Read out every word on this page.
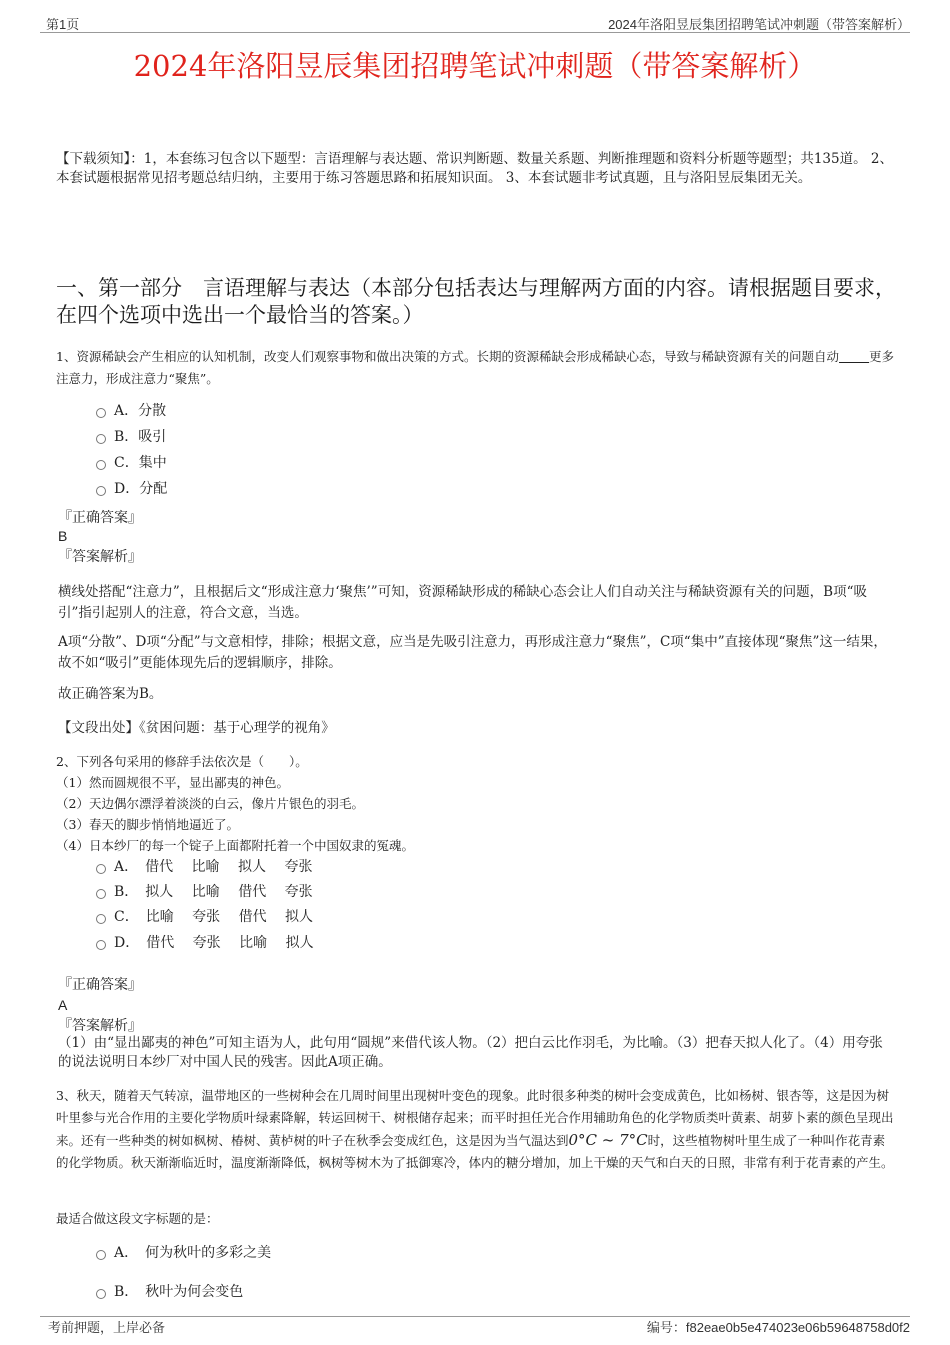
第1页	2024年洛阳昱辰集团招聘笔试冲刺题（带答案解析）
2024年洛阳昱辰集团招聘笔试冲刺题（带答案解析）
【下载须知】：1，本套练习包含以下题型：言语理解与表达题、常识判断题、数量关系题、判断推理题和资料分析题等题型；共135道。 2、本套试题根据常见招考题总结归纳，主要用于练习答题思路和拓展知识面。 3、本套试题非考试真题，且与洛阳昱辰集团无关。
一、第一部分　言语理解与表达（本部分包括表达与理解两方面的内容。请根据题目要求，在四个选项中选出一个最恰当的答案。）
1、资源稀缺会产生相应的认知机制，改变人们观察事物和做出决策的方式。长期的资源稀缺会形成稀缺心态，导致与稀缺资源有关的问题自动 更多注意力，形成注意力“聚焦”。
A．分散
B．吸引
C．集中
D．分配
『正确答案』
B
『答案解析』
横线处搭配“注意力”，且根据后文“形成注意力‘聚焦’”可知，资源稀缺形成的稀缺心态会让人们自动关注与稀缺资源有关的问题，B项“吸引”指引起别人的注意，符合文意，当选。
A项“分散”、D项“分配”与文意相悖，排除；根据文意，应当是先吸引注意力，再形成注意力“聚焦”，C项“集中”直接体现“聚焦”这一结果，故不如“吸引”更能体现先后的逻辑顺序，排除。
故正确答案为B。
【文段出处】《贫困问题：基于心理学的视角》
2、下列各句采用的修辞手法依次是（　　）。
（1）然而圆规很不平，显出鄙夷的神色。
（2）天边偶尔漂浮着淡淡的白云，像片片银色的羽毛。
（3）春天的脚步悄悄地逼近了。
（4）日本纱厂的每一个锭子上面都附托着一个中国奴隶的冤魂。
A．　借代　 比喻　 拟人　 夸张
B．　拟人　 比喻　 借代　 夸张
C．　比喻　 夸张　 借代　 拟人
D．　借代　 夸张　 比喻　 拟人
『正确答案』
A
『答案解析』
（1）由“显出鄙夷的神色”可知主语为人，此句用“圆规”来借代该人物。（2）把白云比作羽毛，为比喻。（3）把春天拟人化了。（4）用夸张的说法说明日本纱厂对中国人民的残害。因此A项正确。
3、秋天，随着天气转凉，温带地区的一些树种会在几周时间里出现树叶变色的现象。此时很多种类的树叶会变成黄色，比如杨树、银杏等，这是因为树叶里参与光合作用的主要化学物质叶绿素降解，转运回树干、树根储存起来；而平时担任光合作用辅助角色的化学物质类叶黄素、胡萝卜素的颜色呈现出来。还有一些种类的树如枫树、椿树、黄栌树的叶子在秋季会变成红色，这是因为当气温达到0°C ~ 7°C时，这些植物树叶里生成了一种叫作花青素的化学物质。秋天渐渐临近时，温度渐渐降低，枫树等树木为了抵御寒冷，体内的糖分增加，加上干燥的天气和白天的日照，非常有利于花青素的产生。
最适合做这段文字标题的是：
A．　何为秋叶的多彩之美
B．　秋叶为何会变色
考前押题，上岸必备	编号：f82eae0b5e474023e06b59648758d0f2
